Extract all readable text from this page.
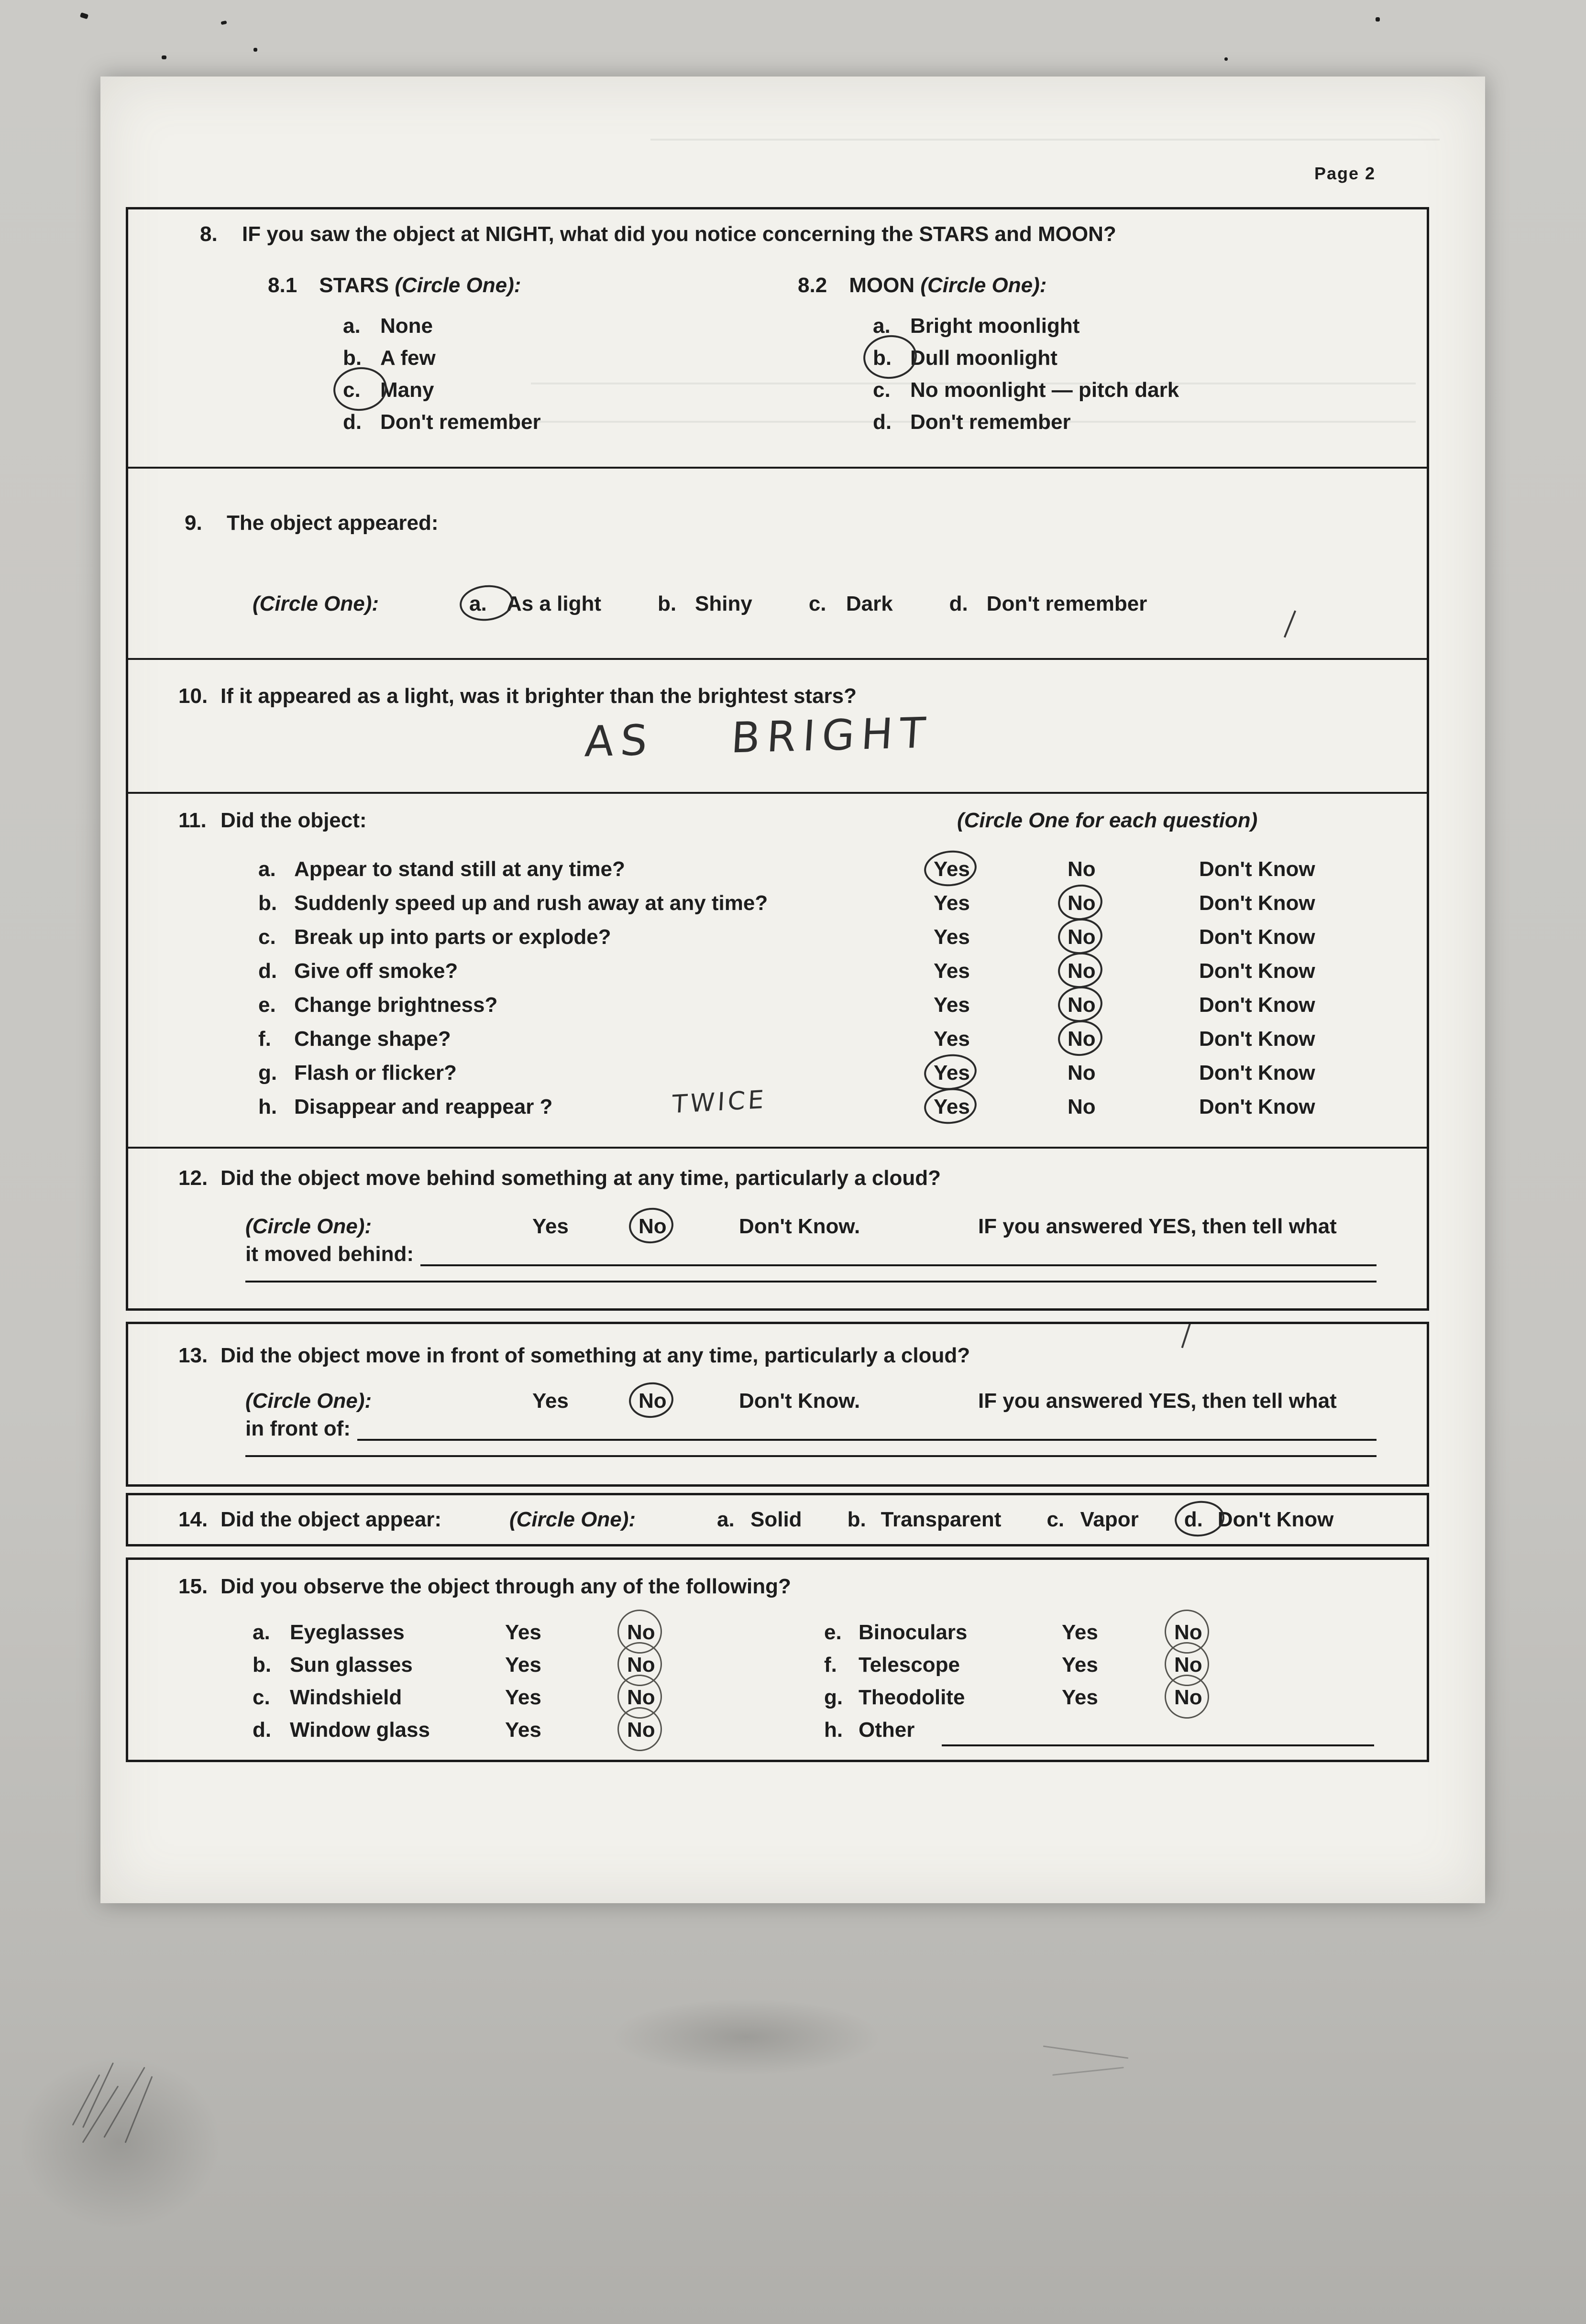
Page 2
8.	IF you saw the object at NIGHT, what did you notice concerning the STARS and MOON?
8.1 STARS (Circle One):
a. None
b. A few
c. Many
d. Don't remember
8.2 MOON (Circle One):
a. Bright moonlight
b. Dull moonlight
c. No moonlight — pitch dark
d. Don't remember
9.	The object appeared:
(Circle One):	a. As a light	b. Shiny	c. Dark	d. Don't remember
10. If it appeared as a light, was it brighter than the brightest stars?
AS BRIGHT
11. Did the object:	(Circle One for each question)
a. Appear to stand still at any time?	Yes	No	Don't Know
b. Suddenly speed up and rush away at any time?	Yes	No	Don't Know
c. Break up into parts or explode?	Yes	No	Don't Know
d. Give off smoke?	Yes	No	Don't Know
e. Change brightness?	Yes	No	Don't Know
f.	Change shape?	Yes	No	Don't Know
g. Flash or flicker?	Yes	No	Don't Know
h. Disappear and reappear ?	TWICE	Yes	No	Don't Know
12. Did the object move behind something at any time, particularly a cloud?
(Circle One):	Yes	No	Don't Know.	IF you answered YES, then tell what
it moved behind:
13. Did the object move in front of something at any time, particularly a cloud?
(Circle One):	Yes	No	Don't Know.	IF you answered YES, then tell what
in front of:
14. Did the object appear:	(Circle One):	a. Solid b. Transparent c. Vapor d. Don't Know
15. Did you observe the object through any of the following?
a. Eyeglasses	Yes	No
b. Sun glasses	Yes	No
c. Windshield	Yes	No
d. Window glass	Yes	No
e. Binoculars	Yes	No
f.	Telescope	Yes	No
g. Theodolite	Yes	No
h. Other
